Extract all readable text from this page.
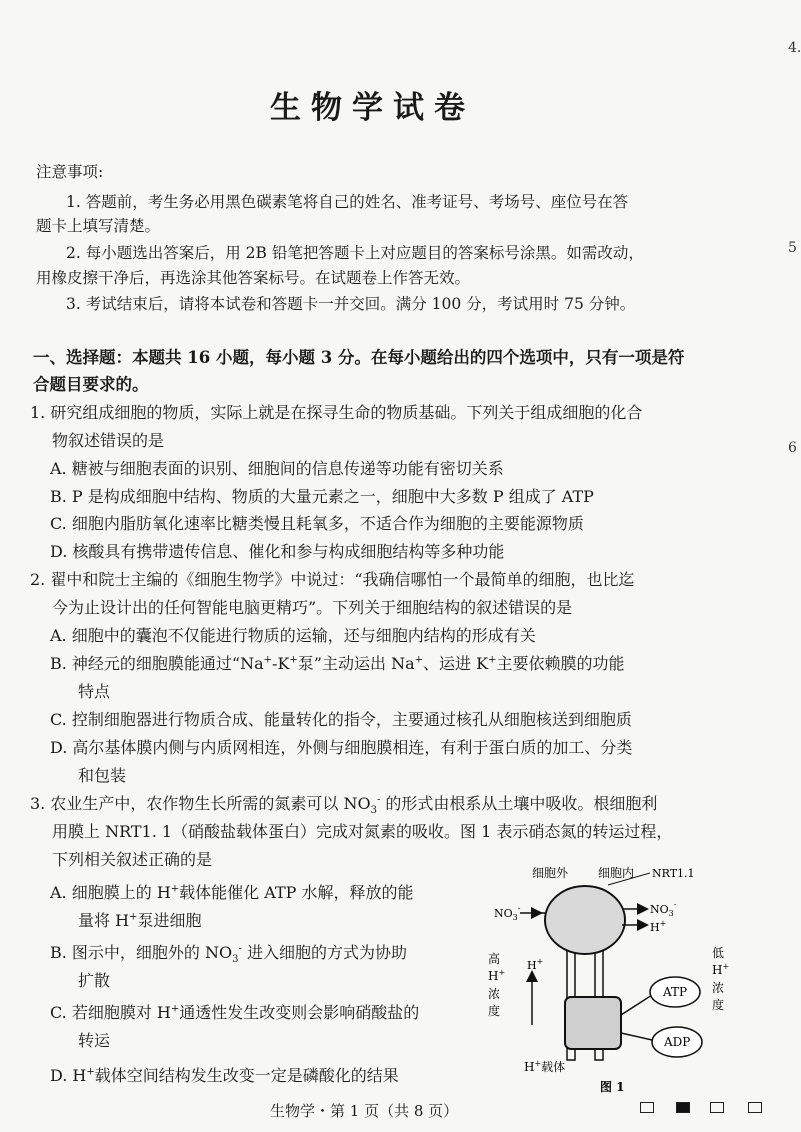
生物学试卷
4.
5
6
注意事项:
1. 答题前，考生务必用黑色碳素笔将自己的姓名、准考证号、考场号、座位号在答
题卡上填写清楚。
2. 每小题选出答案后，用 2B 铅笔把答题卡上对应题目的答案标号涂黑。如需改动，
用橡皮擦干净后，再选涂其他答案标号。在试题卷上作答无效。
3. 考试结束后，请将本试卷和答题卡一并交回。满分 100 分，考试用时 75 分钟。
一、选择题：本题共 16 小题，每小题 3 分。在每小题给出的四个选项中，只有一项是符
合题目要求的。
1. 研究组成细胞的物质，实际上就是在探寻生命的物质基础。下列关于组成细胞的化合
物叙述错误的是
A. 糖被与细胞表面的识别、细胞间的信息传递等功能有密切关系
B. P 是构成细胞中结构、物质的大量元素之一，细胞中大多数 P 组成了 ATP
C. 细胞内脂肪氧化速率比糖类慢且耗氧多，不适合作为细胞的主要能源物质
D. 核酸具有携带遗传信息、催化和参与构成细胞结构等多种功能
2. 翟中和院士主编的《细胞生物学》中说过：“我确信哪怕一个最简单的细胞，也比迄
今为止设计出的任何智能电脑更精巧”。下列关于细胞结构的叙述错误的是
A. 细胞中的囊泡不仅能进行物质的运输，还与细胞内结构的形成有关
B. 神经元的细胞膜能通过“Na+-K+泵”主动运出 Na+、运进 K+主要依赖膜的功能
特点
C. 控制细胞器进行物质合成、能量转化的指令，主要通过核孔从细胞核送到细胞质
D. 高尔基体膜内侧与内质网相连，外侧与细胞膜相连，有利于蛋白质的加工、分类
和包装
3. 农业生产中，农作物生长所需的氮素可以 $NO_3^-$ 的形式由根系从土壤中吸收。根细胞利
用膜上 NRT1. 1（硝酸盐载体蛋白）完成对氮素的吸收。图 1 表示硝态氮的转运过程，
下列相关叙述正确的是
A. 细胞膜上的 H+载体能催化 ATP 水解，释放的能
量将 H+泵进细胞
B. 图示中，细胞外的 $NO_3^-$ 进入细胞的方式为协助
扩散
C. 若细胞膜对 H+通透性发生改变则会影响硝酸盐的
转运
D. H+载体空间结构发生改变一定是磷酸化的结果
细胞外 细胞内 NRT1.1
$NO_3^-$	$NO_3^-$
H+
H+
高
H+
浓
度
低
H+
浓
度
ATP
ADP
H+载体
图 1
生物学・第 1 页（共 8 页）
